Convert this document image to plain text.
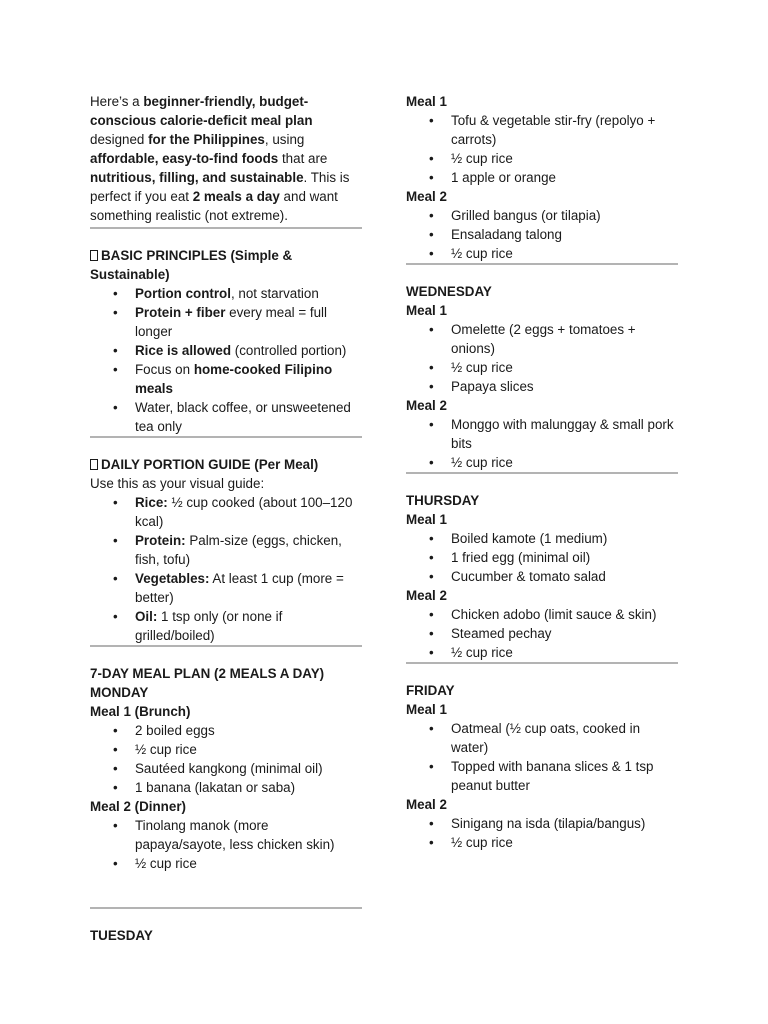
Here’s a beginner-friendly, budget-conscious calorie-deficit meal plan designed for the Philippines, using affordable, easy-to-find foods that are nutritious, filling, and sustainable. This is perfect if you eat 2 meals a day and want something realistic (not extreme).

BASIC PRINCIPLES (Simple & Sustainable)
• Portion control, not starvation
• Protein + fiber every meal = full longer
• Rice is allowed (controlled portion)
• Focus on home-cooked Filipino meals
• Water, black coffee, or unsweetened tea only
DAILY PORTION GUIDE (Per Meal)

Use this as your visual guide:

• Rice: ½ cup cooked (about 100–120 kcal)
• Protein: Palm-size (eggs, chicken, fish, tofu)
• Vegetables: At least 1 cup (more = better)
• Oil: 1 tsp only (or none if grilled/boiled)
7-DAY MEAL PLAN (2 MEALS A DAY)
MONDAY
Meal 1 (Brunch)
• 2 boiled eggs
• ½ cup rice
• Sautéed kangkong (minimal oil)
• 1 banana (lakatan or saba)
Meal 2 (Dinner)
• Tinolang manok (more papaya/sayote, less chicken skin)
• ½ cup rice
TUESDAY
Meal 1
• Tofu & vegetable stir-fry (repolyo + carrots)
• ½ cup rice
• 1 apple or orange
Meal 2
• Grilled bangus (or tilapia)
• Ensaladang talong
• ½ cup rice
WEDNESDAY
Meal 1
• Omelette (2 eggs + tomatoes + onions)
• ½ cup rice
• Papaya slices
Meal 2
• Monggo with malunggay & small pork bits
• ½ cup rice
THURSDAY
Meal 1
• Boiled kamote (1 medium)
• 1 fried egg (minimal oil)
• Cucumber & tomato salad
Meal 2
• Chicken adobo (limit sauce & skin)
• Steamed pechay
• ½ cup rice
FRIDAY
Meal 1
• Oatmeal (½ cup oats, cooked in water)
• Topped with banana slices & 1 tsp peanut butter
Meal 2
• Sinigang na isda (tilapia/bangus)
• ½ cup rice
